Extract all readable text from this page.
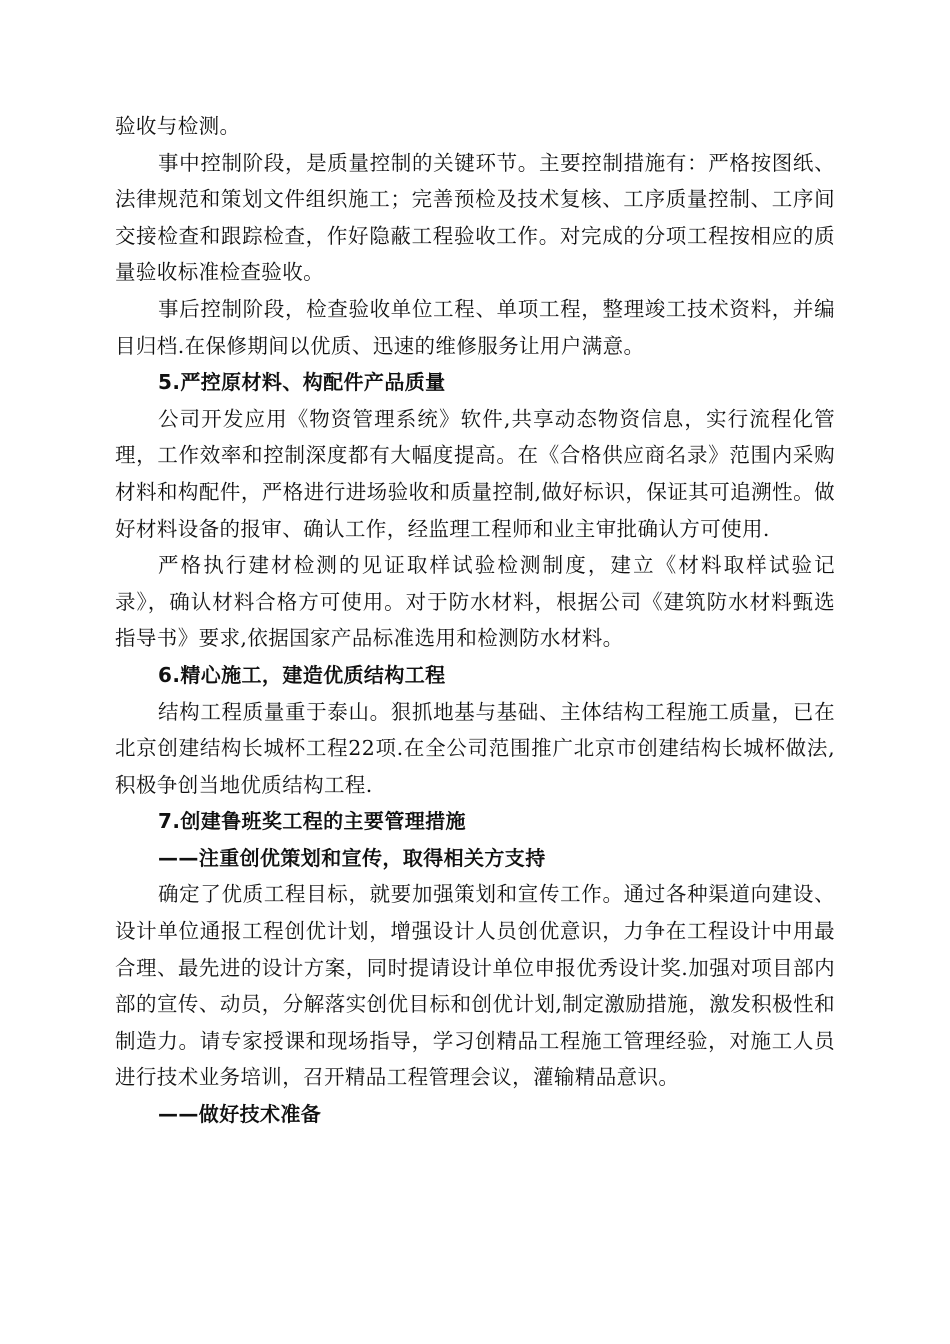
验收与检测。

事中控制阶段，是质量控制的关键环节。主要控制措施有：严格按图纸、法律规范和策划文件组织施工；完善预检及技术复核、工序质量控制、工序间交接检查和跟踪检查，作好隐蔽工程验收工作。对完成的分项工程按相应的质量验收标准检查验收。

事后控制阶段，检查验收单位工程、单项工程，整理竣工技术资料，并编目归档.在保修期间以优质、迅速的维修服务让用户满意。

5.严控原材料、构配件产品质量

公司开发应用《物资管理系统》软件,共享动态物资信息，实行流程化管理，工作效率和控制深度都有大幅度提高。在《合格供应商名录》范围内采购材料和构配件，严格进行进场验收和质量控制,做好标识，保证其可追溯性。做好材料设备的报审、确认工作，经监理工程师和业主审批确认方可使用.

严格执行建材检测的见证取样试验检测制度，建立《材料取样试验记录》，确认材料合格方可使用。对于防水材料，根据公司《建筑防水材料甄选指导书》要求,依据国家产品标准选用和检测防水材料。

6.精心施工，建造优质结构工程

结构工程质量重于泰山。狠抓地基与基础、主体结构工程施工质量，已在北京创建结构长城杯工程22项.在全公司范围推广北京市创建结构长城杯做法,积极争创当地优质结构工程.

7.创建鲁班奖工程的主要管理措施

——注重创优策划和宣传，取得相关方支持

确定了优质工程目标，就要加强策划和宣传工作。通过各种渠道向建设、设计单位通报工程创优计划，增强设计人员创优意识，力争在工程设计中用最合理、最先进的设计方案，同时提请设计单位申报优秀设计奖.加强对项目部内部的宣传、动员，分解落实创优目标和创优计划,制定激励措施，激发积极性和制造力。请专家授课和现场指导，学习创精品工程施工管理经验，对施工人员进行技术业务培训，召开精品工程管理会议，灌输精品意识。

——做好技术准备
